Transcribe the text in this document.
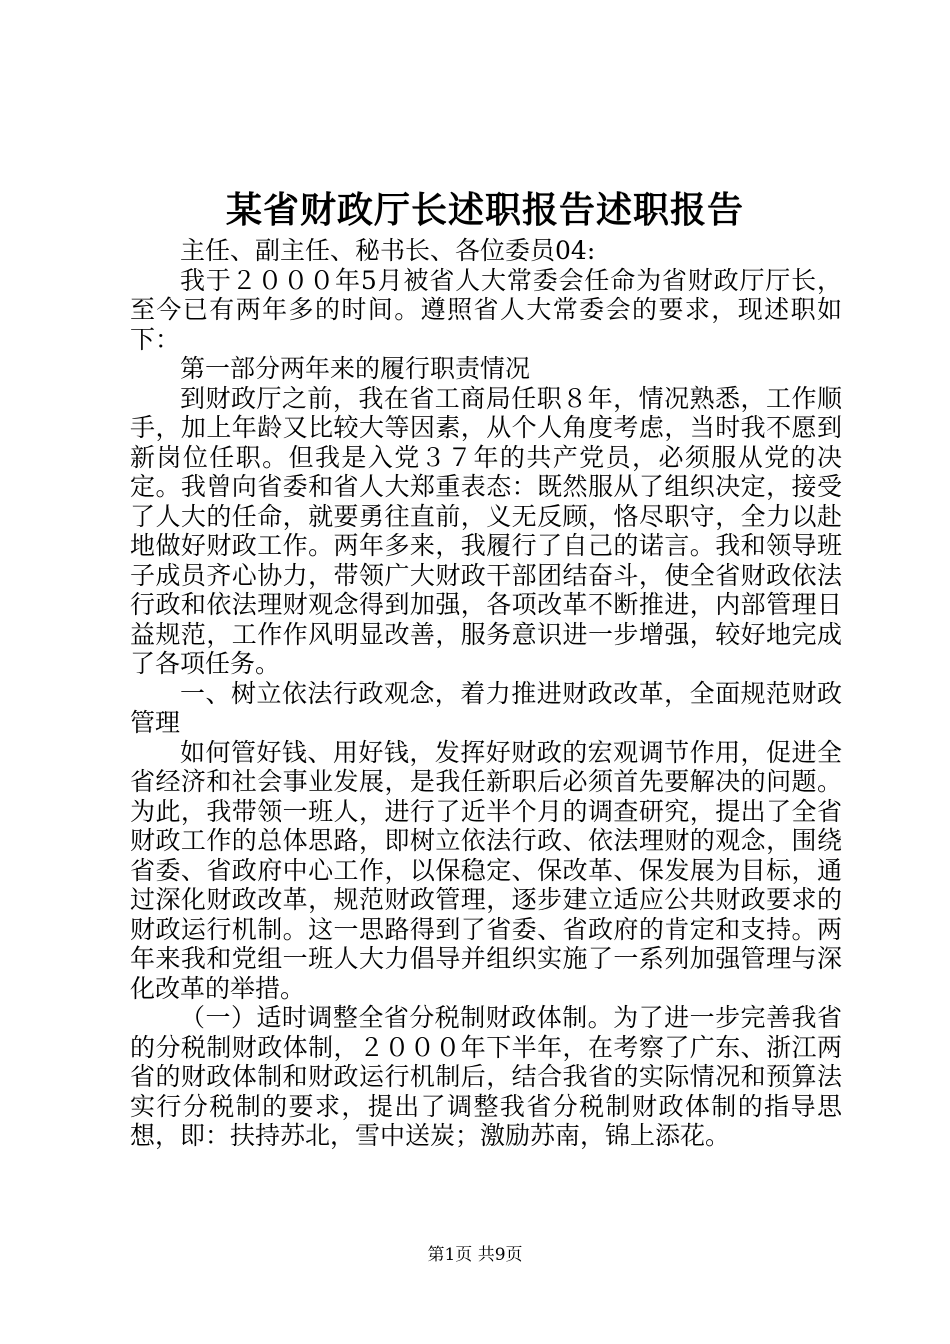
某省财政厅长述职报告述职报告

主任、副主任、秘书长、各位委员04:

我于２０００年5月被省人大常委会任命为省财政厅厅长，至今已有两年多的时间。遵照省人大常委会的要求，现述职如下：

第一部分两年来的履行职责情况

到财政厅之前，我在省工商局任职８年，情况熟悉，工作顺手，加上年龄又比较大等因素，从个人角度考虑，当时我不愿到新岗位任职。但我是入党３７年的共产党员，必须服从党的决定。我曾向省委和省人大郑重表态：既然服从了组织决定，接受了人大的任命，就要勇往直前，义无反顾，恪尽职守，全力以赴地做好财政工作。两年多来，我履行了自己的诺言。我和领导班子成员齐心协力，带领广大财政干部团结奋斗，使全省财政依法行政和依法理财观念得到加强，各项改革不断推进，内部管理日益规范，工作作风明显改善，服务意识进一步增强，较好地完成了各项任务。

一、树立依法行政观念，着力推进财政改革，全面规范财政管理

如何管好钱、用好钱，发挥好财政的宏观调节作用，促进全省经济和社会事业发展，是我任新职后必须首先要解决的问题。为此，我带领一班人，进行了近半个月的调查研究，提出了全省财政工作的总体思路，即树立依法行政、依法理财的观念，围绕省委、省政府中心工作，以保稳定、保改革、保发展为目标，通过深化财政改革，规范财政管理，逐步建立适应公共财政要求的财政运行机制。这一思路得到了省委、省政府的肯定和支持。两年来我和党组一班人大力倡导并组织实施了一系列加强管理与深化改革的举措。

（一）适时调整全省分税制财政体制。为了进一步完善我省的分税制财政体制，２０００年下半年，在考察了广东、浙江两省的财政体制和财政运行机制后，结合我省的实际情况和预算法实行分税制的要求，提出了调整我省分税制财政体制的指导思想，即：扶持苏北，雪中送炭；激励苏南，锦上添花。

第1页 共9页
